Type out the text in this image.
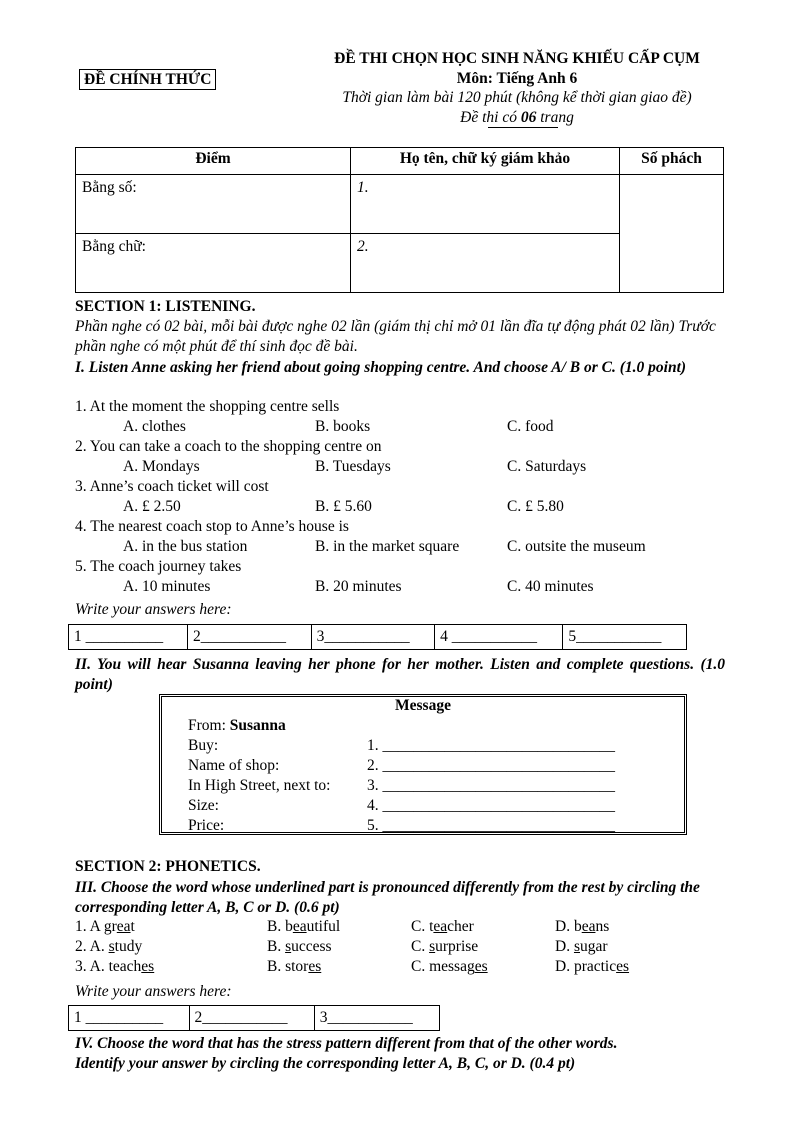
ĐỀ CHÍNH THỨC
ĐỀ THI CHỌN HỌC SINH NĂNG KHIẾU CẤP CỤM
Môn: Tiếng Anh 6
Thời gian làm bài 120 phút (không kể thời gian giao đề)
Đề thi có 06 trang
Điểm	Họ tên, chữ ký giám khảo	Số phách
Bằng số:	1.	
Bằng chữ:	2.	
SECTION 1: LISTENING.
Phần nghe có 02 bài, mỗi bài được nghe 02 lần (giám thị chỉ mở 01 lần đĩa tự động phát 02 lần) Trước phần nghe có một phút để thí sinh đọc đề bài.
I. Listen Anne asking her friend about going shopping centre. And choose A/ B or C. (1.0 point)
1. At the moment the shopping centre sells
A. clothes	B. books	C. food
2. You can take a coach to the shopping centre on
A. Mondays	B. Tuesdays	C. Saturdays
3. Anne’s coach ticket will cost
A. £ 2.50	B. £ 5.60	C. £ 5.80
4. The nearest coach stop to Anne’s house is
A. in the bus station	B. in the market square	C. outsite the museum
5. The coach journey takes
A. 10 minutes	B. 20 minutes	C. 40 minutes
Write your answers here:
1 __________	2___________	3___________	4 ___________	5___________
II. You will hear Susanna leaving her phone for her mother. Listen and complete questions. (1.0 point)
Message
From: Susanna
Buy:	1. ______________________________
Name of shop:	2. ______________________________
In High Street, next to: 3. ______________________________
Size:	4. ______________________________
Price:	5. ______________________________
SECTION 2: PHONETICS.
III. Choose the word whose underlined part is pronounced differently from the rest by circling the corresponding letter A, B, C or D. (0.6 pt)
1. A great	B. beautiful	C. teacher	D. beans
2. A. study	B. success	C. surprise	D. sugar
3. A. teaches	B. stores	C. messages	D. practices
Write your answers here:
1 __________	2___________	3___________
IV. Choose the word that has the stress pattern different from that of the other words.
Identify your answer by circling the corresponding letter A, B, C, or D. (0.4 pt)
